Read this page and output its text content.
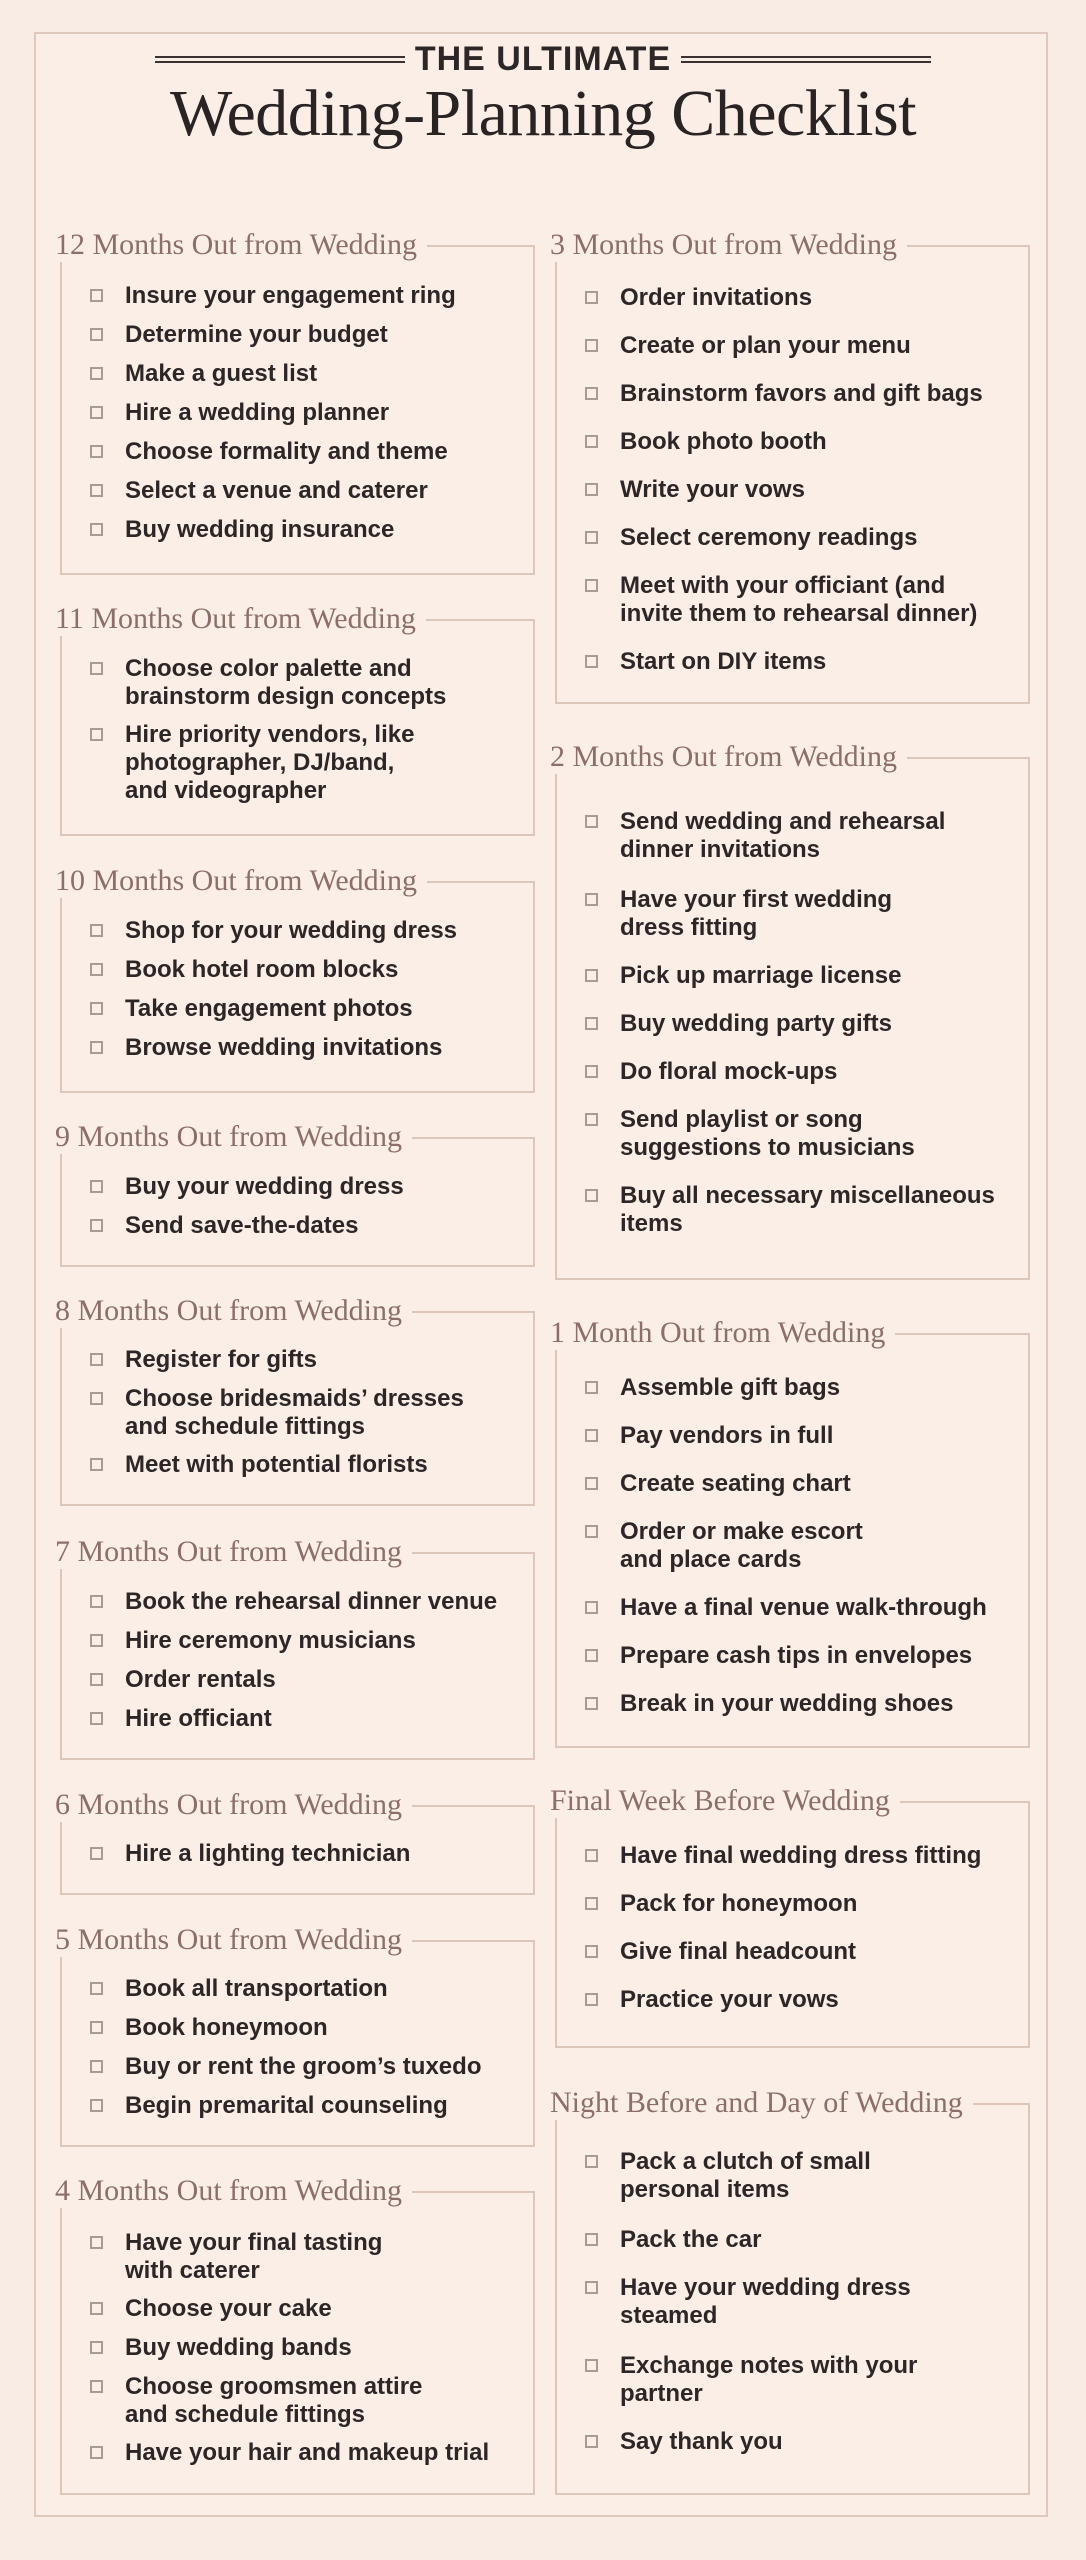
THE ULTIMATE
Wedding-Planning Checklist
12 Months Out from Wedding
Insure your engagement ring
Determine your budget
Make a guest list
Hire a wedding planner
Choose formality and theme
Select a venue and caterer
Buy wedding insurance
11 Months Out from Wedding
Choose color palette and
brainstorm design concepts
Hire priority vendors, like
photographer, DJ/band,
and videographer
10 Months Out from Wedding
Shop for your wedding dress
Book hotel room blocks
Take engagement photos
Browse wedding invitations
9 Months Out from Wedding
Buy your wedding dress
Send save-the-dates
8 Months Out from Wedding
Register for gifts
Choose bridesmaids’ dresses
and schedule fittings
Meet with potential florists
7 Months Out from Wedding
Book the rehearsal dinner venue
Hire ceremony musicians
Order rentals
Hire officiant
6 Months Out from Wedding
Hire a lighting technician
5 Months Out from Wedding
Book all transportation
Book honeymoon
Buy or rent the groom’s tuxedo
Begin premarital counseling
4 Months Out from Wedding
Have your final tasting
with caterer
Choose your cake
Buy wedding bands
Choose groomsmen attire
and schedule fittings
Have your hair and makeup trial
3 Months Out from Wedding
Order invitations
Create or plan your menu
Brainstorm favors and gift bags
Book photo booth
Write your vows
Select ceremony readings
Meet with your officiant (and
invite them to rehearsal dinner)
Start on DIY items
2 Months Out from Wedding
Send wedding and rehearsal
dinner invitations
Have your first wedding
dress fitting
Pick up marriage license
Buy wedding party gifts
Do floral mock-ups
Send playlist or song
suggestions to musicians
Buy all necessary miscellaneous
items
1 Month Out from Wedding
Assemble gift bags
Pay vendors in full
Create seating chart
Order or make escort
and place cards
Have a final venue walk-through
Prepare cash tips in envelopes
Break in your wedding shoes
Final Week Before Wedding
Have final wedding dress fitting
Pack for honeymoon
Give final headcount
Practice your vows
Night Before and Day of Wedding
Pack a clutch of small
personal items
Pack the car
Have your wedding dress
steamed
Exchange notes with your
partner
Say thank you
